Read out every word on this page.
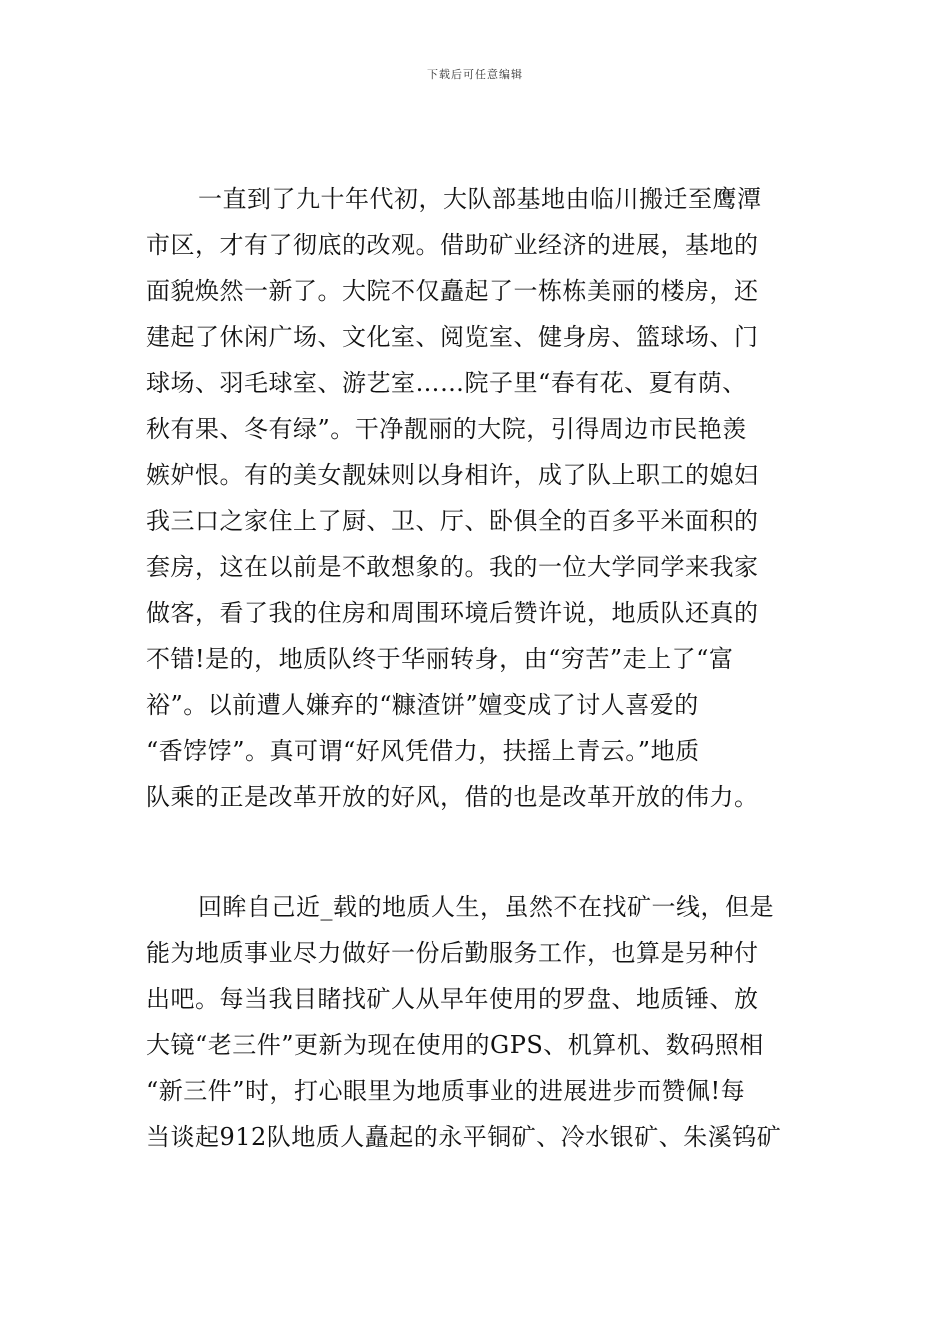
下载后可任意编辑
一直到了九十年代初，大队部基地由临川搬迁至鹰潭
市区，才有了彻底的改观。借助矿业经济的进展，基地的
面貌焕然一新了。大院不仅矗起了一栋栋美丽的楼房，还
建起了休闲广场、文化室、阅览室、健身房、篮球场、门
球场、羽毛球室、游艺室……院子里“春有花、夏有荫、
秋有果、冬有绿”。干净靓丽的大院，引得周边市民艳羡
嫉妒恨。有的美女靓妹则以身相许，成了队上职工的媳妇
我三口之家住上了厨、卫、厅、卧俱全的百多平米面积的
套房，这在以前是不敢想象的。我的一位大学同学来我家
做客，看了我的住房和周围环境后赞许说，地质队还真的
不错!是的，地质队终于华丽转身，由“穷苦”走上了“富
裕”。以前遭人嫌弃的“糠渣饼”嬗变成了讨人喜爱的
“香饽饽”。真可谓“好风凭借力，扶摇上青云。”地质
队乘的正是改革开放的好风，借的也是改革开放的伟力。
回眸自己近_载的地质人生，虽然不在找矿一线，但是
能为地质事业尽力做好一份后勤服务工作，也算是另种付
出吧。每当我目睹找矿人从早年使用的罗盘、地质锤、放
大镜“老三件”更新为现在使用的GPS、机算机、数码照相
“新三件”时，打心眼里为地质事业的进展进步而赞佩!每
当谈起912队地质人矗起的永平铜矿、冷水银矿、朱溪钨矿
